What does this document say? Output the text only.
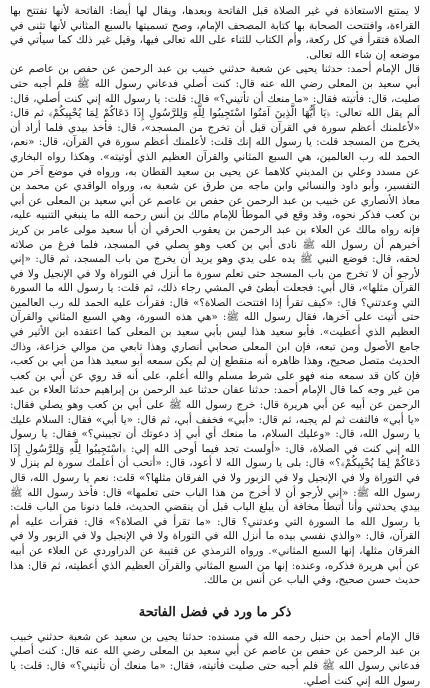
لا يمتنع الاستعاذة في غير الصلاة قبل الفاتحة وبعدها، ويقال لها أيضا: الفاتحة لأنها تفتتح بها القراءة، وافتتحت الصحابة بها كتابة المصحف الإمام، وصح تسميتها بالسبع المثاني لأنها تثنى في الصلاة فتقرأ في كل ركعة، وأم الكتاب للثناء على الله تعالى فيها، وقيل غير ذلك كما سيأتي في موضعه إن شاء الله تعالى.

قال الإمام أحمد: حدثنا يحيى عن شعبة حدثني خبيب بن عبد الرحمن عن حفص بن عاصم عن أبي سعيد بن المعلى رضي الله عنه قال: كنت أصلي فدعاني رسول الله ﷺ فلم أجبه حتى صليت، قال: فأتيته فقال: «ما منعك أن تأتيني؟» قال: قلت: يا رسول الله إني كنت أصلي، قال: ألم يقل الله تعالى: ﴿يَا أَيُّهَا الَّذِينَ آمَنُوا اسْتَجِيبُوا لِلَّهِ وَلِلرَّسُولِ إِذَا دَعَاكُمْ لِمَا يُحْيِيكُمْ﴾ ثم قال: «لأعلمنك أعظم سورة في القرآن قبل أن تخرج من المسجد»، قال: فأخذ بيدي فلما أراد أن يخرج من المسجد قلت: يا رسول الله إنك قلت: لأعلمنك أعظم سورة في القرآن، قال: «نعم، الحمد لله رب العالمين، هي السبع المثاني والقرآن العظيم الذي أوتيته». وهكذا رواه البخاري عن مسدد وعلي بن المديني كلاهما عن يحيى بن سعيد القطان به، ورواه في موضع آخر من التفسير، وأبو داود والنسائي وابن ماجه من طرق عن شعبة به، ورواه الواقدي عن محمد بن معاذ الأنصاري عن خبيب بن عبد الرحمن عن حفص بن عاصم عن أبي سعيد بن المعلى عن أبي بن كعب فذكر نحوه، وقد وقع في الموطأ للإمام مالك بن أنس رحمه الله ما ينبغي التنبيه عليه، فإنه رواه مالك عن العلاء بن عبد الرحمن بن يعقوب الحرقي أن أبا سعيد مولى عامر بن كريز أخبرهم أن رسول الله ﷺ نادى أبي بن كعب وهو يصلي في المسجد، فلما فرغ من صلاته لحقه، قال: فوضع النبي ﷺ يده على يدي وهو يريد أن يخرج من باب المسجد، ثم قال: «إني لأرجو أن لا تخرج من باب المسجد حتى تعلم سورة ما أنزل في التوراة ولا في الإنجيل ولا في القرآن مثلها»، قال أبي: فجعلت أبطئ في المشي رجاء ذلك، ثم قلت: يا رسول الله ما السورة التي وعدتني؟ قال: «كيف تقرأ إذا افتتحت الصلاة؟» قال: فقرأت عليه الحمد لله رب العالمين حتى أتيت على آخرها، فقال رسول الله ﷺ: «هي هذه السورة، وهي السبع المثاني والقرآن العظيم الذي أعطيت». فأبو سعيد هذا ليس بأبي سعيد بن المعلى كما اعتقده ابن الأثير في جامع الأصول ومن تبعه، فإن ابن المعلى صحابي أنصاري وهذا تابعي من موالي خزاعة، وذاك الحديث متصل صحيح، وهذا ظاهره أنه منقطع إن لم يكن سمعه أبو سعيد هذا من أبي بن كعب، فإن كان قد سمعه منه فهو على شرط مسلم والله أعلم، على أنه قد روي عن أبي بن كعب من غير وجه كما قال الإمام أحمد: حدثنا عفان حدثنا عبد الرحمن بن إبراهيم حدثنا العلاء بن عبد الرحمن عن أبيه عن أبي هريرة قال: خرج رسول الله ﷺ على أبي بن كعب وهو يصلي فقال: «يا أبي» فالتفت ثم لم يجبه، ثم قال: «أبي» فخفف أبي، ثم قال: «يا أبي» فقال: السلام عليك يا رسول الله، قال: «وعليك السلام، ما منعك أي أبي إذ دعوتك أن تجيبني؟» فقال: يا رسول الله إني كنت في الصلاة، قال: «أولست تجد فيما أوحى الله إلي: ﴿اسْتَجِيبُوا لِلَّهِ وَلِلرَّسُولِ إِذَا دَعَاكُمْ لِمَا يُحْيِيكُمْ﴾؟» قال: بلى يا رسول الله لا أعود، قال: «أتحب أن أعلمك سورة لم ينزل لا في التوراة ولا في الإنجيل ولا في الزبور ولا في الفرقان مثلها؟» قلت: نعم يا رسول الله، قال رسول الله ﷺ: «إني لأرجو أن لا أخرج من هذا الباب حتى تعلمها» قال: فأخذ رسول الله ﷺ بيدي يحدثني وأنا أتبطأ مخافة أن يبلغ الباب قبل أن ينقضي الحديث، فلما دنونا من الباب قلت: يا رسول الله ما السورة التي وعدتني؟ قال: «ما تقرأ في الصلاة؟» قال: فقرأت عليه أم القرآن، قال: «والذي نفسي بيده ما أنزل الله في التوراة ولا في الإنجيل ولا في الزبور ولا في الفرقان مثلها، إنها السبع المثاني». ورواه الترمذي عن قتيبة عن الدراوردي عن العلاء عن أبيه عن أبي هريرة فذكره، وعنده: إنها من السبع المثاني والقرآن العظيم الذي أعطيته، ثم قال: هذا حديث حسن صحيح، وفي الباب عن أنس بن مالك.

ذكر ما ورد في فضل الفاتحة

قال الإمام أحمد بن حنبل رحمه الله في مسنده: حدثنا يحيى بن سعيد عن شعبة حدثني خبيب بن عبد الرحمن عن حفص بن عاصم عن أبي سعيد بن المعلى رضي الله عنه قال: كنت أصلي فدعاني رسول الله ﷺ فلم أجبه حتى صليت فأتيته، فقال: «ما منعك أن تأتيني؟» قال: قلت: يا رسول الله إني كنت أصلي.
